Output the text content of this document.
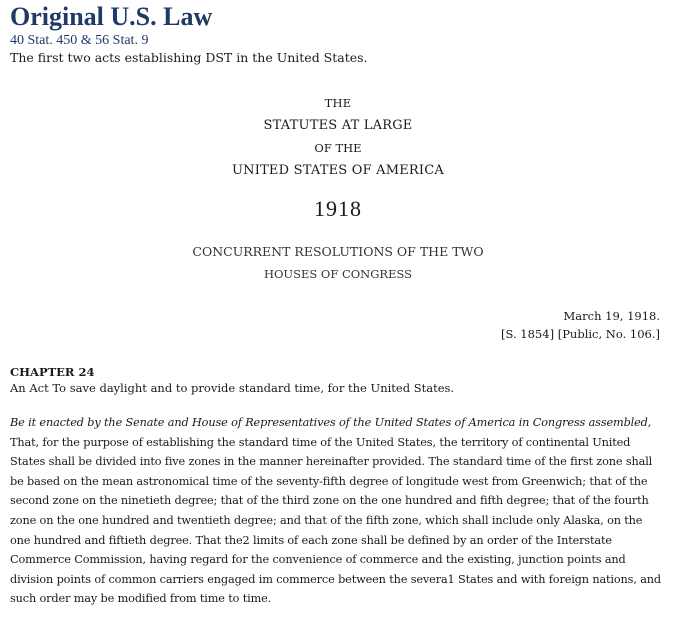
Original U.S. Law
40 Stat. 450 & 56 Stat. 9
The first two acts establishing DST in the United States.
THE
STATUTES AT LARGE
OF THE
UNITED STATES OF AMERICA
1918
CONCURRENT RESOLUTIONS OF THE TWO
HOUSES OF CONGRESS
March 19, 1918.
[S. 1854] [Public, No. 106.]
CHAPTER 24
An Act To save daylight and to provide standard time, for the United States.

Be it enacted by the Senate and House of Representatives of the United States of America in Congress assembled, That, for the purpose of establishing the standard time of the United States, the territory of continental United States shall be divided into five zones in the manner hereinafter provided. The standard time of the first zone shall be based on the mean astronomical time of the seventy-fifth degree of longitude west from Greenwich; that of the second zone on the ninetieth degree; that of the third zone on the one hundred and fifth degree; that of the fourth zone on the one hundred and twentieth degree; and that of the fifth zone, which shall include only Alaska, on the one hundred and fiftieth degree. That the2 limits of each zone shall be defined by an order of the Interstate Commerce Commission, having regard for the convenience of commerce and the existing, junction points and division points of common carriers engaged im commerce between the severa1 States and with foreign nations, and such order may be modified from time to time.
